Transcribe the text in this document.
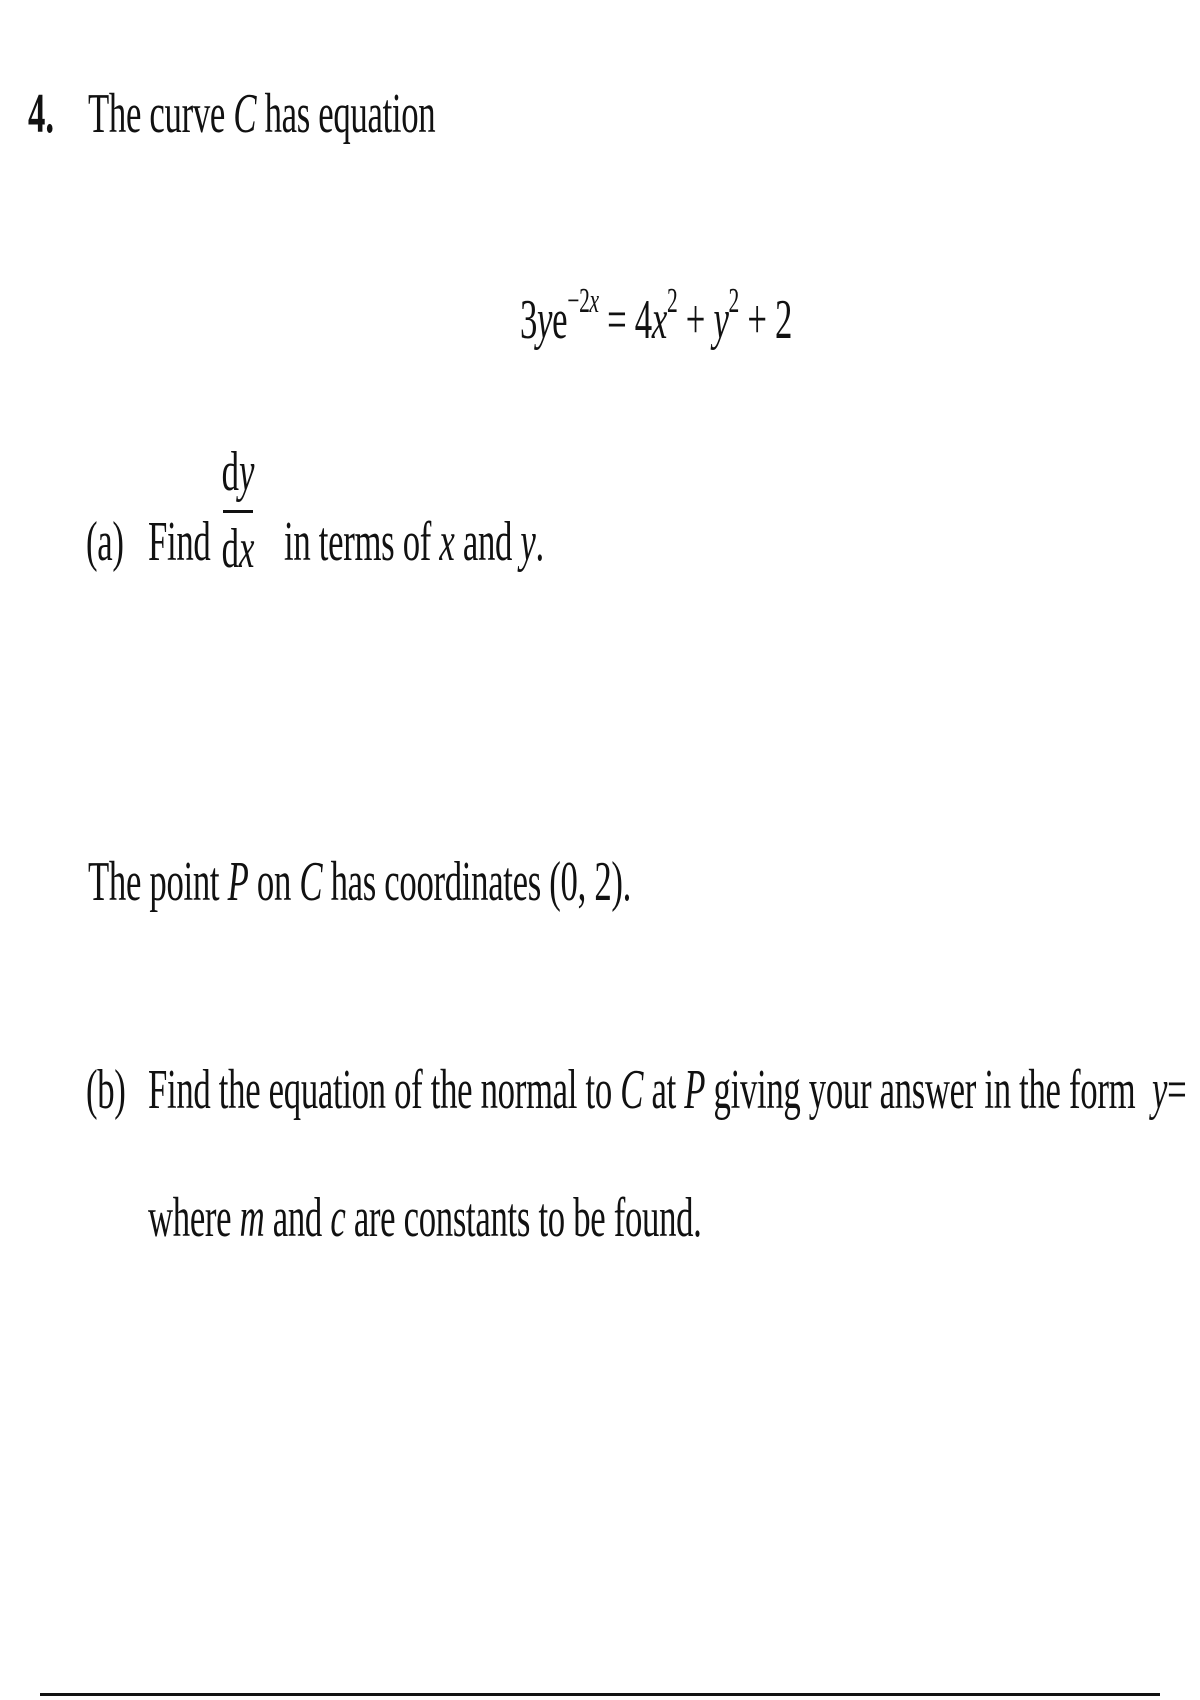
4. The curve C has equation
$3ye^{-2x} = 4x^2 + y^2 + 2$
(a) Find
dy
dx in terms of x and y.
The point P on C has coordinates (0, 2).
(b) Find the equation of the normal to C at P giving your answer in the form  y=
where m and c are constants to be found.
